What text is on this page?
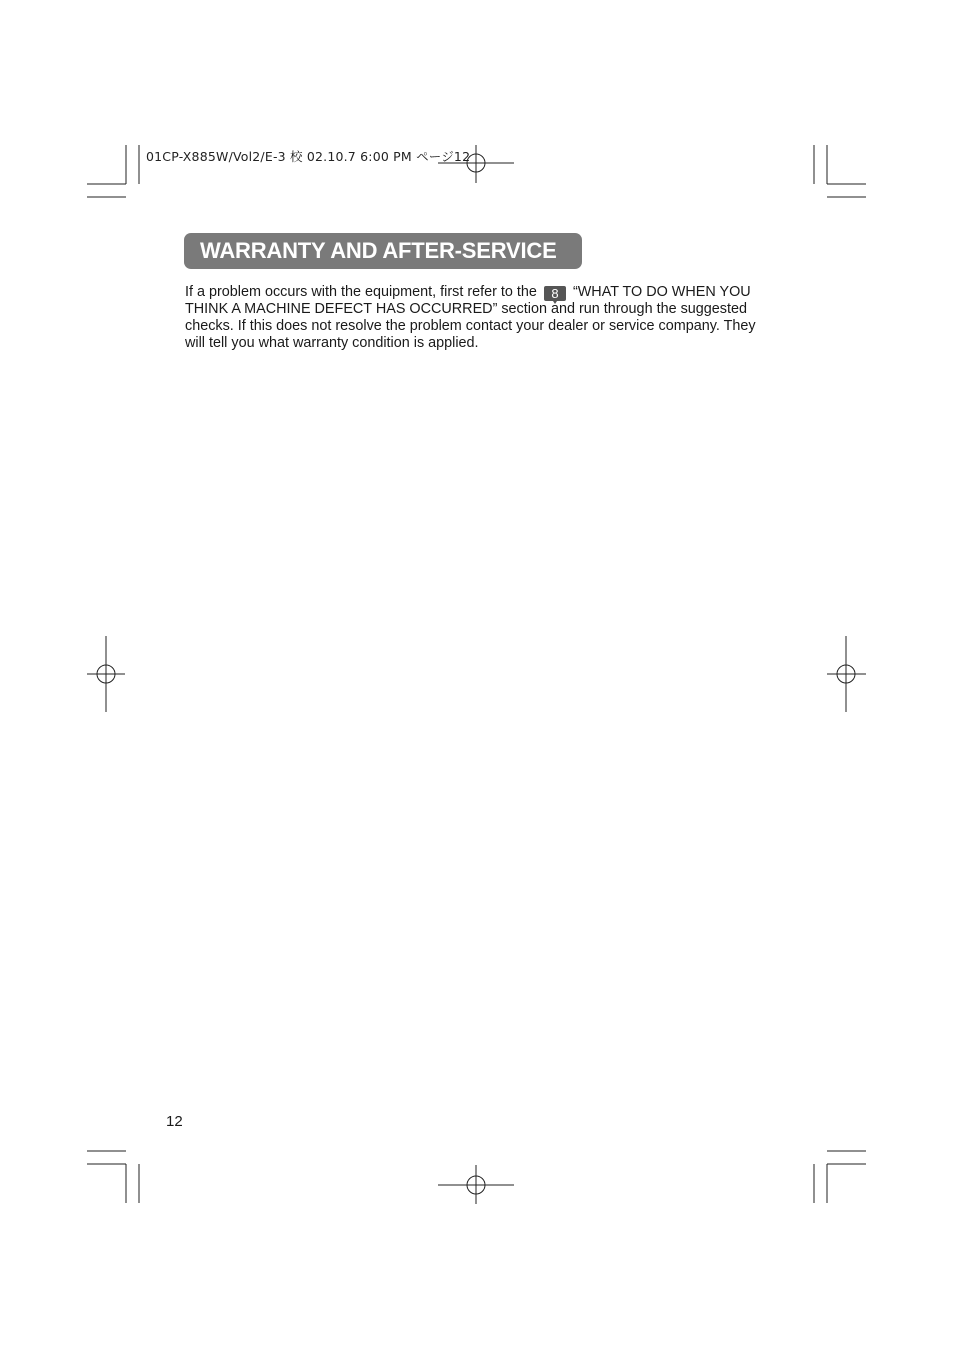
01CP-X885W/Vol2/E-3 校 02.10.7 6:00 PM ページ12
WARRANTY AND AFTER-SERVICE
If a problem occurs with the equipment, first refer to the 8 “WHAT TO DO WHEN YOU THINK A MACHINE DEFECT HAS OCCURRED” section and run through the suggested checks. If this does not resolve the problem contact your dealer or service company. They will tell you what warranty condition is applied.
12
